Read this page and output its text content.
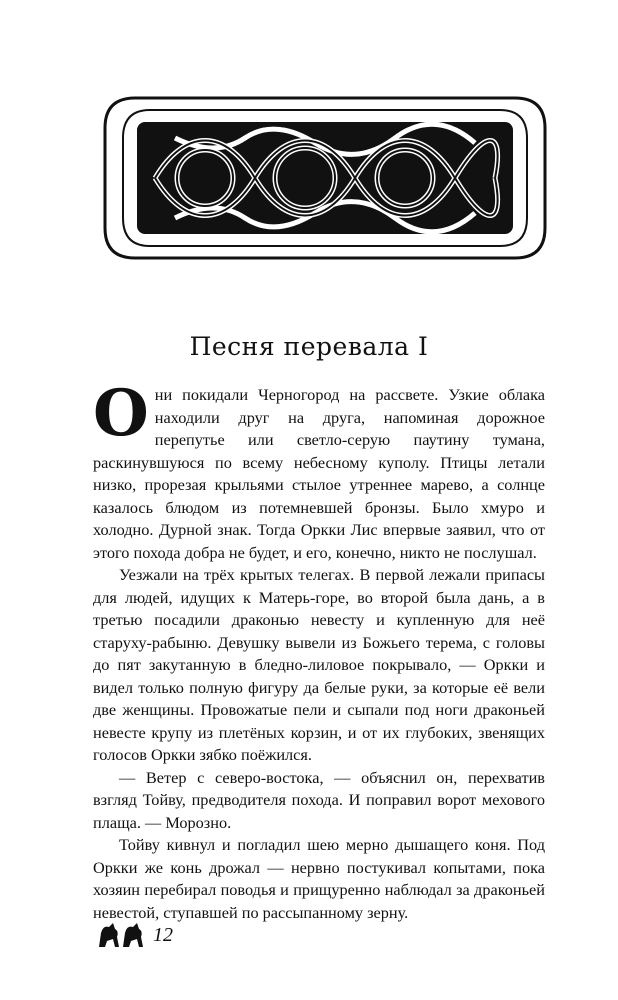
Песня перевала I

Они покидали Черногород на рассвете. Узкие облака находили друг на друга, напоминая дорожное перепутье или светло-серую паутину тумана, раскинувшуюся по всему небесному куполу. Птицы летали низко, прорезая крыльями стылое утреннее марево, а солнце казалось блюдом из потемневшей бронзы. Было хмуро и холодно. Дурной знак. Тогда Оркки Лис впервые заявил, что от этого похода добра не будет, и его, конечно, никто не послушал.

Уезжали на трёх крытых телегах. В первой лежали припасы для людей, идущих к Матерь-горе, во второй была дань, а в третью посадили драконью невесту и купленную для неё старуху-рабыню. Девушку вывели из Божьего терема, с головы до пят закутанную в бледно-лиловое покрывало, — Оркки и видел только полную фигуру да белые руки, за которые её вели две женщины. Провожатые пели и сыпали под ноги драконьей невесте крупу из плетёных корзин, и от их глубоких, звенящих голосов Оркки зябко поёжился.

— Ветер с северо-востока, — объяснил он, перехватив взгляд Тойву, предводителя похода. И поправил ворот мехового плаща. — Морозно.

Тойву кивнул и погладил шею мерно дышащего коня. Под Оркки же конь дрожал — нервно постукивал копытами, пока хозяин перебирал поводья и прищуренно наблюдал за драконьей невестой, ступавшей по рассыпанному зерну.

12
